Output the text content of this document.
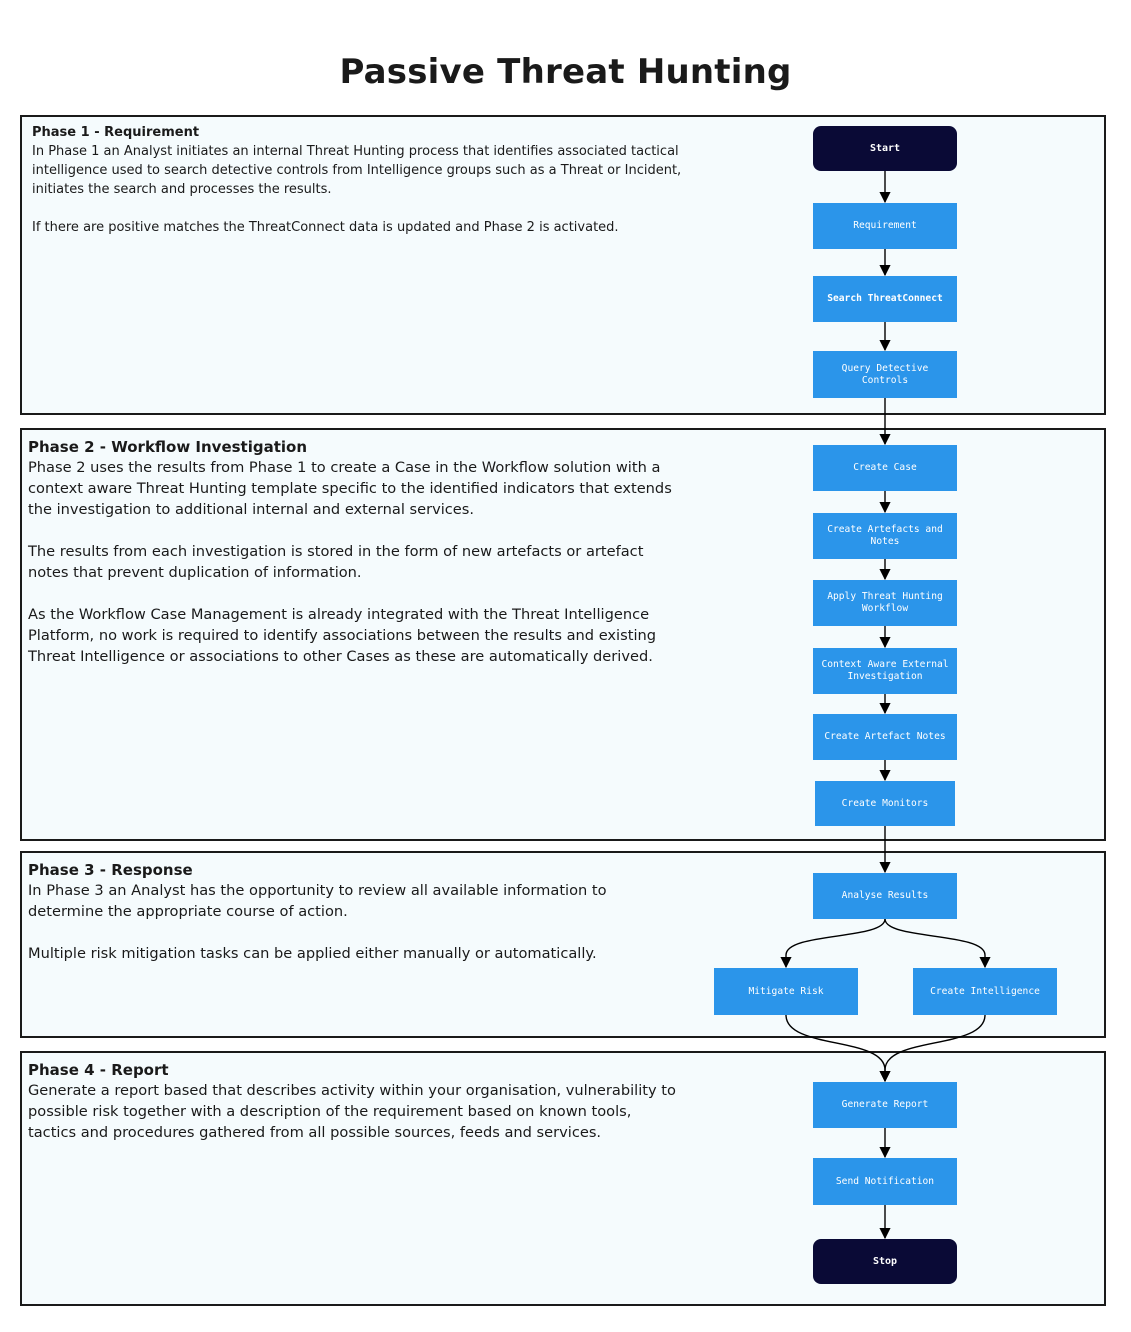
Passive Threat Hunting
Phase 1 - Requirement
In Phase 1 an Analyst initiates an internal Threat Hunting process that identifies associated tactical intelligence used to search detective controls from Intelligence groups such as a Threat or Incident, initiates the search and processes the results.
If there are positive matches the ThreatConnect data is updated and Phase 2 is activated.
Phase 2 - Workflow Investigation
Phase 2 uses the results from Phase 1 to create a Case in the Workflow solution with a context aware Threat Hunting template specific to the identified indicators that extends the investigation to additional internal and external services.
The results from each investigation is stored in the form of new artefacts or artefact notes that prevent duplication of information.
As the Workflow Case Management is already integrated with the Threat Intelligence Platform, no work is required to identify associations between the results and existing Threat Intelligence or associations to other Cases as these are automatically derived.
Phase 3 - Response
In Phase 3 an Analyst has the opportunity to review all available information to determine the appropriate course of action.
Multiple risk mitigation tasks can be applied either manually or automatically.
Phase 4 - Report
Generate a report based that describes activity within your organisation, vulnerability to possible risk together with a description of the requirement based on known tools, tactics and procedures gathered from all possible sources, feeds and services.
Start
Requirement
Search ThreatConnect
Query Detective Controls
Create Case
Create Artefacts and Notes
Apply Threat Hunting Workflow
Context Aware External Investigation
Create Artefact Notes
Create Monitors
Analyse Results
Mitigate Risk	Create Intelligence
Generate Report
Send Notification
Stop
